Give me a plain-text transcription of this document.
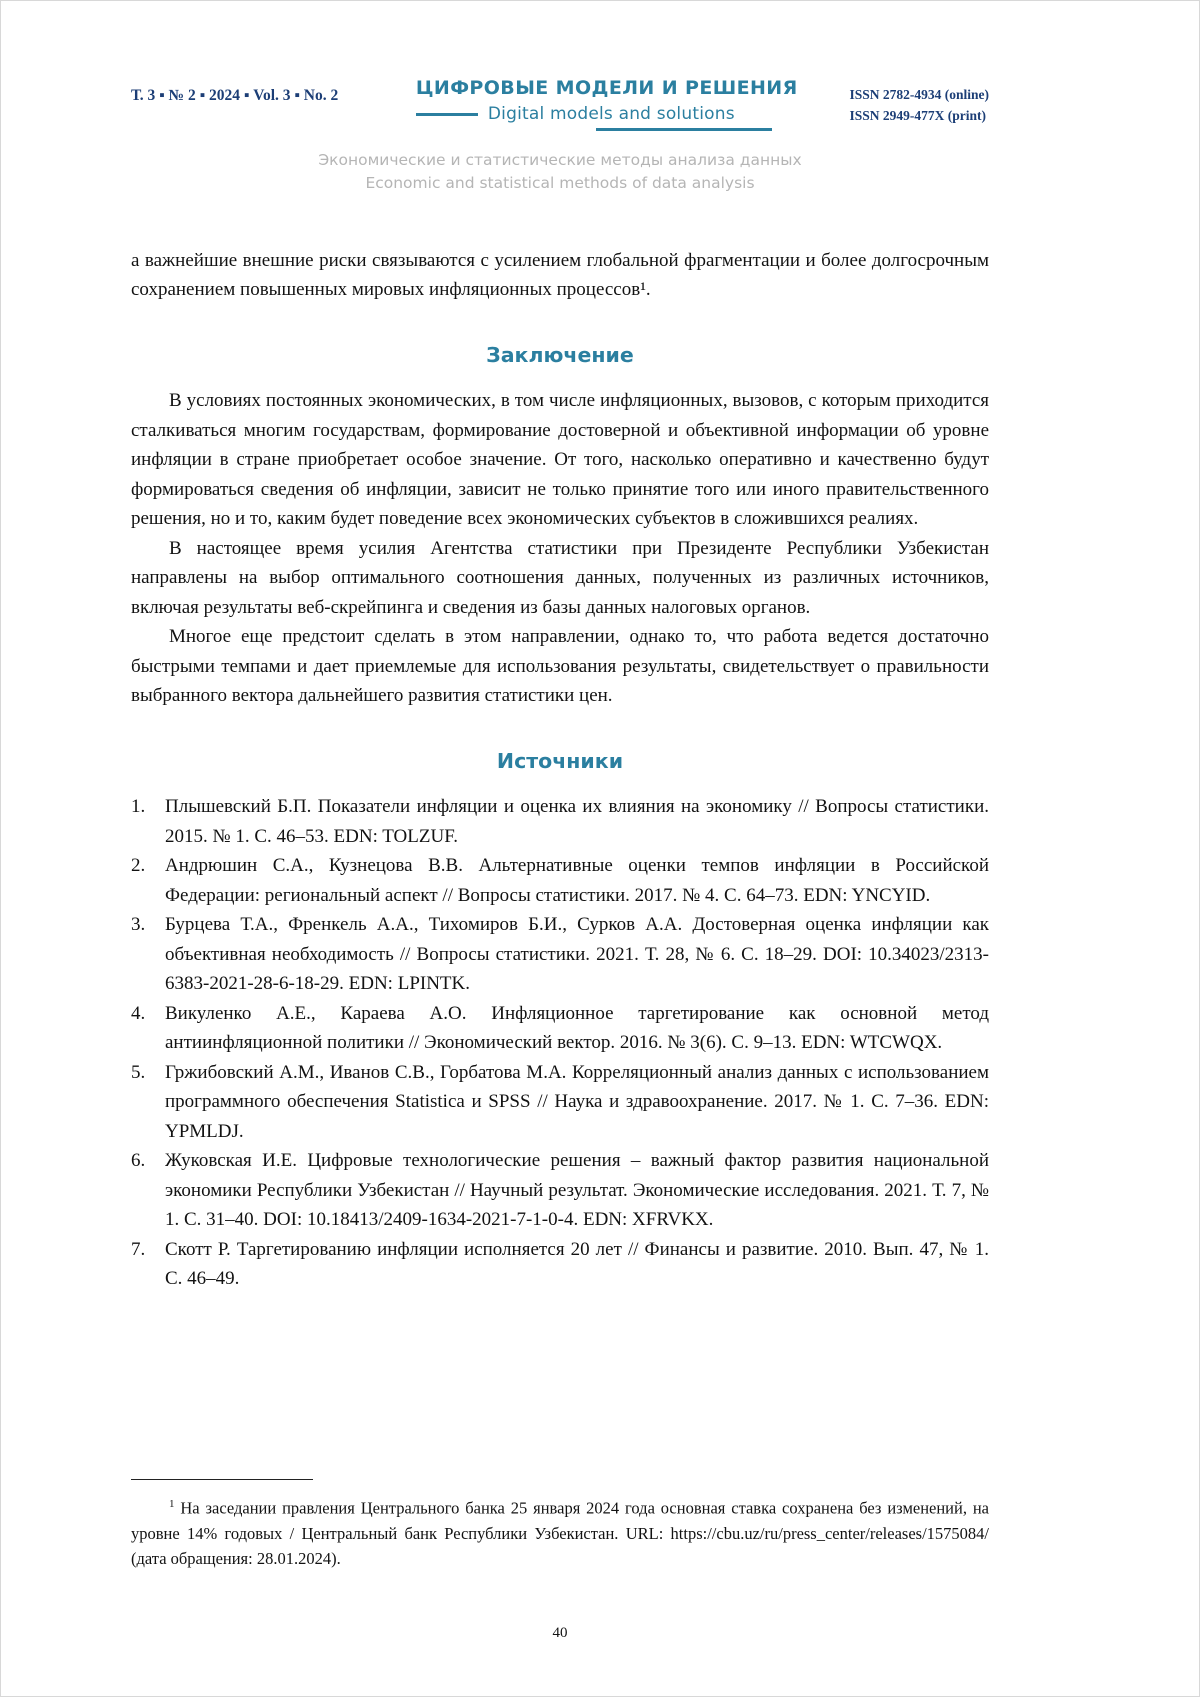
Т. 3 ▪ № 2 ▪ 2024 ▪ Vol. 3 ▪ No. 2	ЦИФРОВЫЕ МОДЕЛИ И РЕШЕНИЯ
Digital models and solutions
ISSN 2782-4934 (online)
ISSN 2949-477X (print)
Экономические и статистические методы анализа данных
Economic and statistical methods of data analysis

а важнейшие внешние риски связываются с усилением глобальной фрагментации и более долгосрочным сохранением повышенных мировых инфляционных процессов¹.

Заключение

В условиях постоянных экономических, в том числе инфляционных, вызовов, с которым приходится сталкиваться многим государствам, формирование достоверной и объективной информации об уровне инфляции в стране приобретает особое значение. От того, насколько оперативно и качественно будут формироваться сведения об инфляции, зависит не только принятие того или иного правительственного решения, но и то, каким будет поведение всех экономических субъектов в сложившихся реалиях.

В настоящее время усилия Агентства статистики при Президенте Республики Узбекистан направлены на выбор оптимального соотношения данных, полученных из различных источников, включая результаты веб-скрейпинга и сведения из базы данных налоговых органов.

Многое еще предстоит сделать в этом направлении, однако то, что работа ведется достаточно быстрыми темпами и дает приемлемые для использования результаты, свидетельствует о правильности выбранного вектора дальнейшего развития статистики цен.

Источники
1.	Плышевский Б.П. Показатели инфляции и оценка их влияния на экономику // Вопросы статистики. 2015. № 1. С. 46–53. EDN: TOLZUF.
2.	Андрюшин С.А., Кузнецова В.В. Альтернативные оценки темпов инфляции в Российской Федерации: региональный аспект // Вопросы статистики. 2017. № 4. С. 64–73. EDN: YNCYID.
3.	Бурцева Т.А., Френкель А.А., Тихомиров Б.И., Сурков А.А. Достоверная оценка инфляции как объективная необходимость // Вопросы статистики. 2021. Т. 28, № 6. С. 18–29. DOI: 10.34023/2313-6383-2021-28-6-18-29. EDN: LPINTK.
4.	Викуленко А.Е., Караева А.О. Инфляционное таргетирование как основной метод антиинфляционной политики // Экономический вектор. 2016. № 3(6). С. 9–13. EDN: WTCWQX.
5.	Гржибовский А.М., Иванов С.В., Горбатова М.А. Корреляционный анализ данных с использованием программного обеспечения Statistica и SPSS // Наука и здравоохранение. 2017. № 1. С. 7–36. EDN: YPMLDJ.
6.	Жуковская И.Е. Цифровые технологические решения – важный фактор развития национальной экономики Республики Узбекистан // Научный результат. Экономические исследования. 2021. Т. 7, № 1. С. 31–40. DOI: 10.18413/2409-1634-2021-7-1-0-4. EDN: XFRVKX.
7.	Скотт Р. Таргетированию инфляции исполняется 20 лет // Финансы и развитие. 2010. Вып. 47, № 1. С. 46–49.

$^1$ На заседании правления Центрального банка 25 января 2024 года основная ставка сохранена без изменений, на уровне 14% годовых / Центральный банк Республики Узбекистан. URL: https://cbu.uz/ru/press_center/releases/1575084/ (дата обращения: 28.01.2024).

40
